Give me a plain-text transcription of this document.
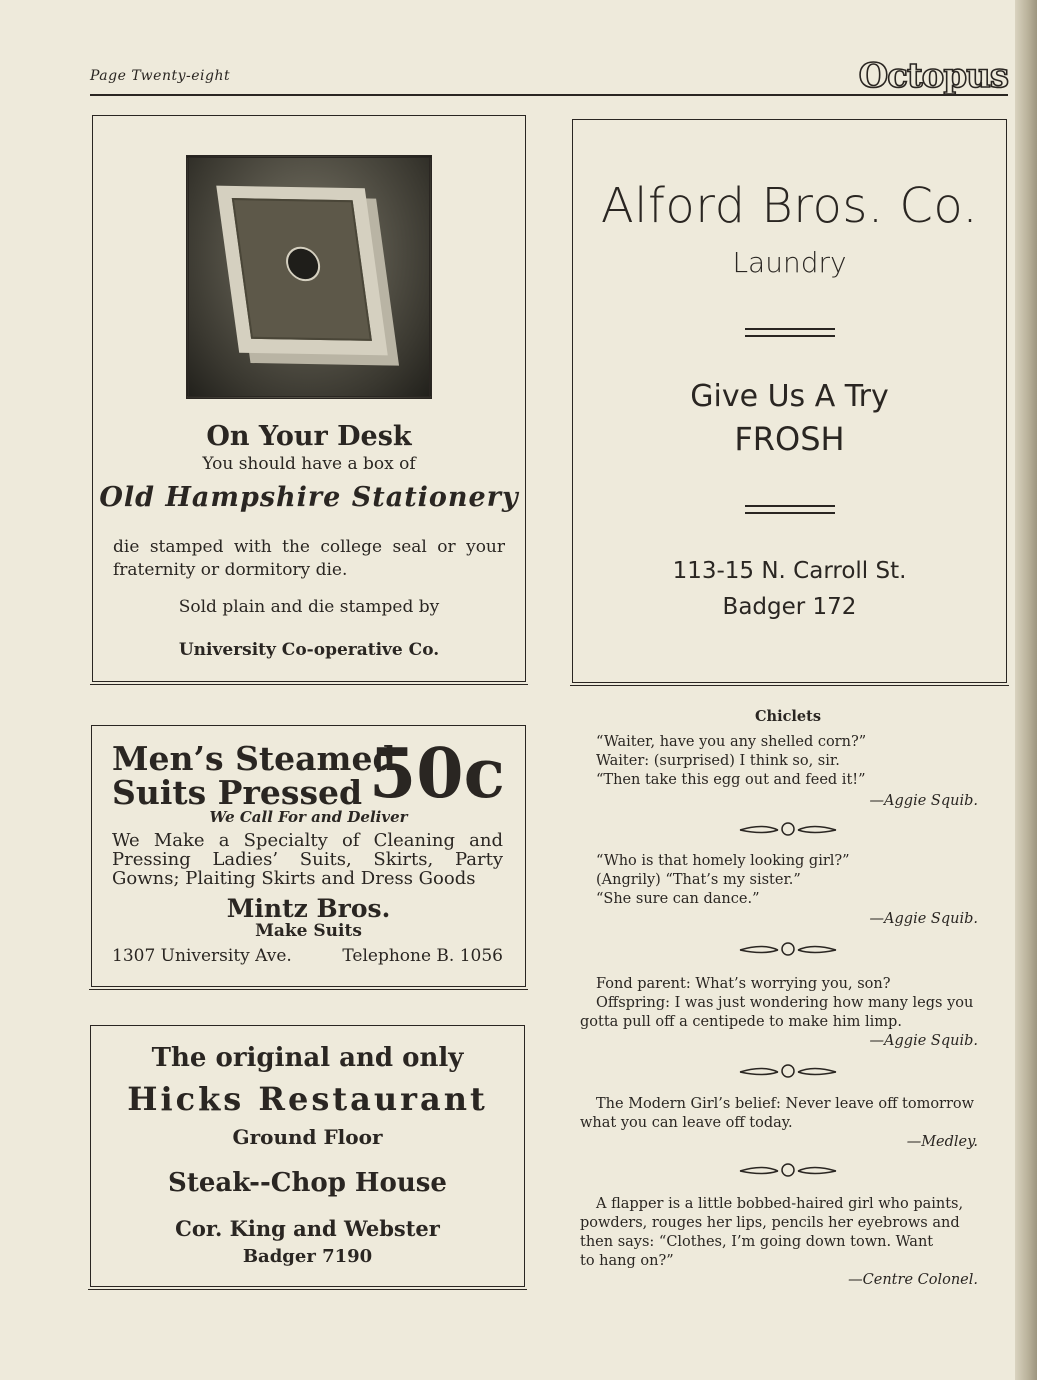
Page Twenty-eight	Octopus
On Your Desk
You should have a box of
Old Hampshire Stationery
die stamped with the college seal or your fraternity or dormitory die.
Sold plain and die stamped by
University Co-operative Co.
Alford Bros. Co.
Laundry
Give Us A Try
FROSH
113-15 N. Carroll St.
Badger 172
Men’s Steamed
Suits Pressed 50c
We Call For and Deliver
We Make a Specialty of Cleaning and Pressing Ladies’ Suits, Skirts, Party Gowns; Plaiting Skirts and Dress Goods
Mintz Bros.
Make Suits
1307 University Ave.	Telephone B. 1056
The original and only
Hicks Restaurant
Ground Floor
Steak--Chop House
Cor. King and Webster
Badger 7190
Chiclets
“Waiter, have you any shelled corn?”
Waiter: (surprised) I think so, sir.
“Then take this egg out and feed it!”
—Aggie Squib.
“Who is that homely looking girl?”
(Angrily) “That’s my sister.”
“She sure can dance.”
—Aggie Squib.
Fond parent: What’s worrying you, son?
Offspring: I was just wondering how many legs you
gotta pull off a centipede to make him limp.
—Aggie Squib.
The Modern Girl’s belief: Never leave off tomorrow
what you can leave off today.
—Medley.
A flapper is a little bobbed-haired girl who paints,
powders, rouges her lips, pencils her eyebrows and
then says: “Clothes, I’m going down town. Want
to hang on?”
—Centre Colonel.
